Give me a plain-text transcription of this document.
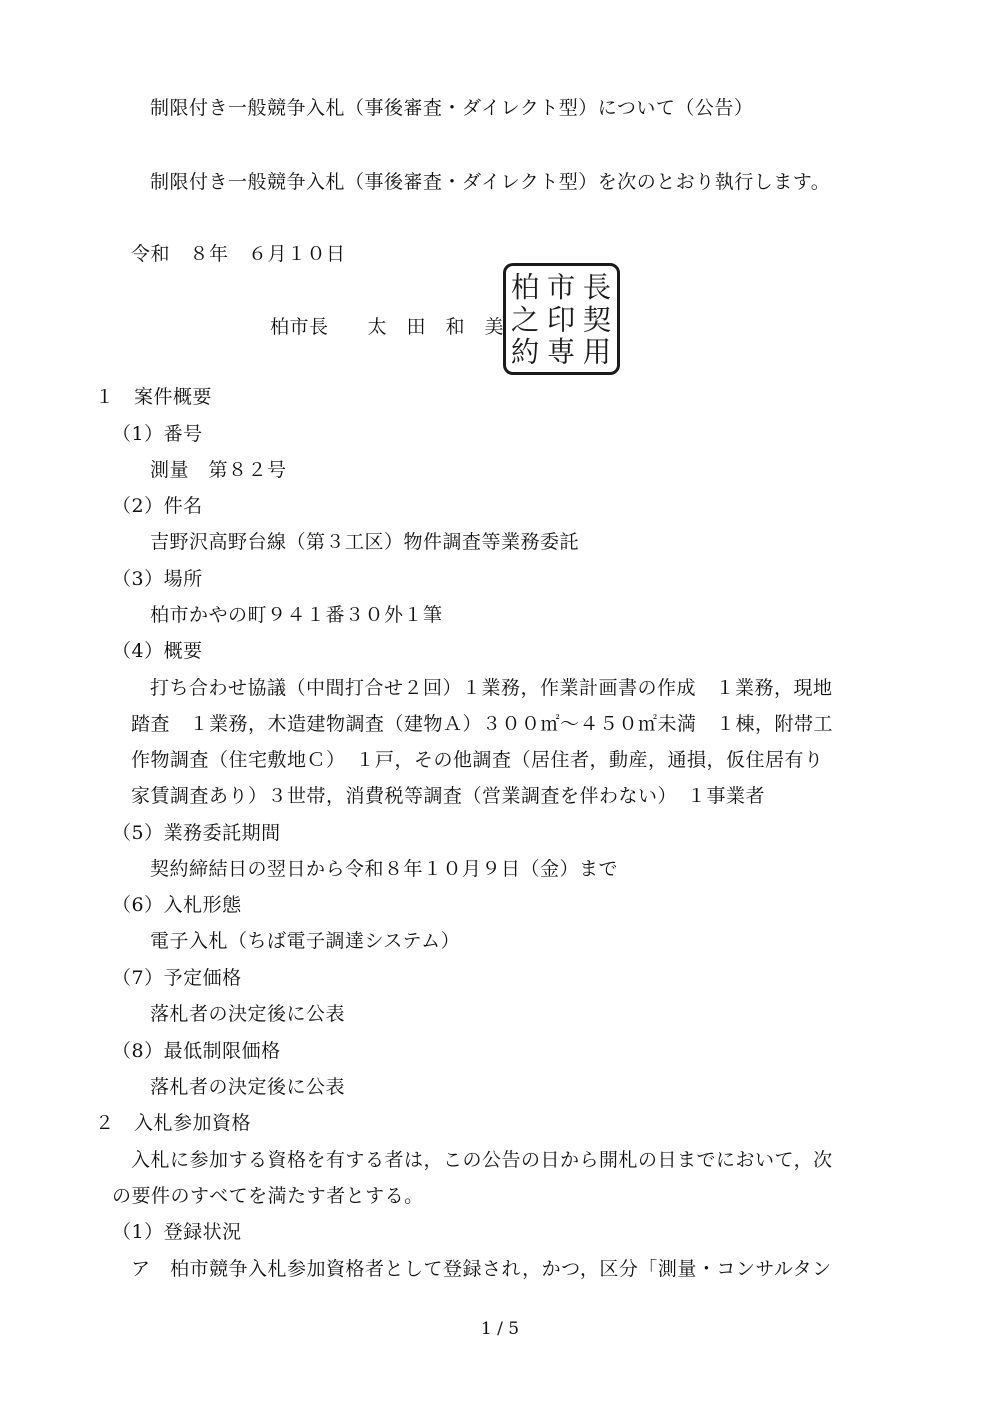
制限付き一般競争入札（事後審査・ダイレクト型）について（公告）
制限付き一般競争入札（事後審査・ダイレクト型）を次のとおり執行します。
令和　８年　６月１０日
柏市長　　太　田　和　美
柏 市 長
之 印 契
約 専 用
１　案件概要
（1）番号
測量　第８２号
（2）件名
吉野沢高野台線（第３工区）物件調査等業務委託
（3）場所
柏市かやの町９４１番３０外１筆
（4）概要
打ち合わせ協議（中間打合せ２回）１業務，作業計画書の作成　１業務，現地
踏査　１業務，木造建物調査（建物Ａ）３００㎡～４５０㎡未満　１棟，附帯工
作物調査（住宅敷地Ｃ）　１戸，その他調査（居住者，動産，通損，仮住居有り
家賃調査あり）３世帯，消費税等調査（営業調査を伴わない）　１事業者
（5）業務委託期間
契約締結日の翌日から令和８年１０月９日（金）まで
（6）入札形態
電子入札（ちば電子調達システム）
（7）予定価格
落札者の決定後に公表
（8）最低制限価格
落札者の決定後に公表
２　入札参加資格
入札に参加する資格を有する者は，この公告の日から開札の日までにおいて，次
の要件のすべてを満たす者とする。
（1）登録状況
ア　柏市競争入札参加資格者として登録され，かつ，区分「測量・コンサルタン
1 / 5
